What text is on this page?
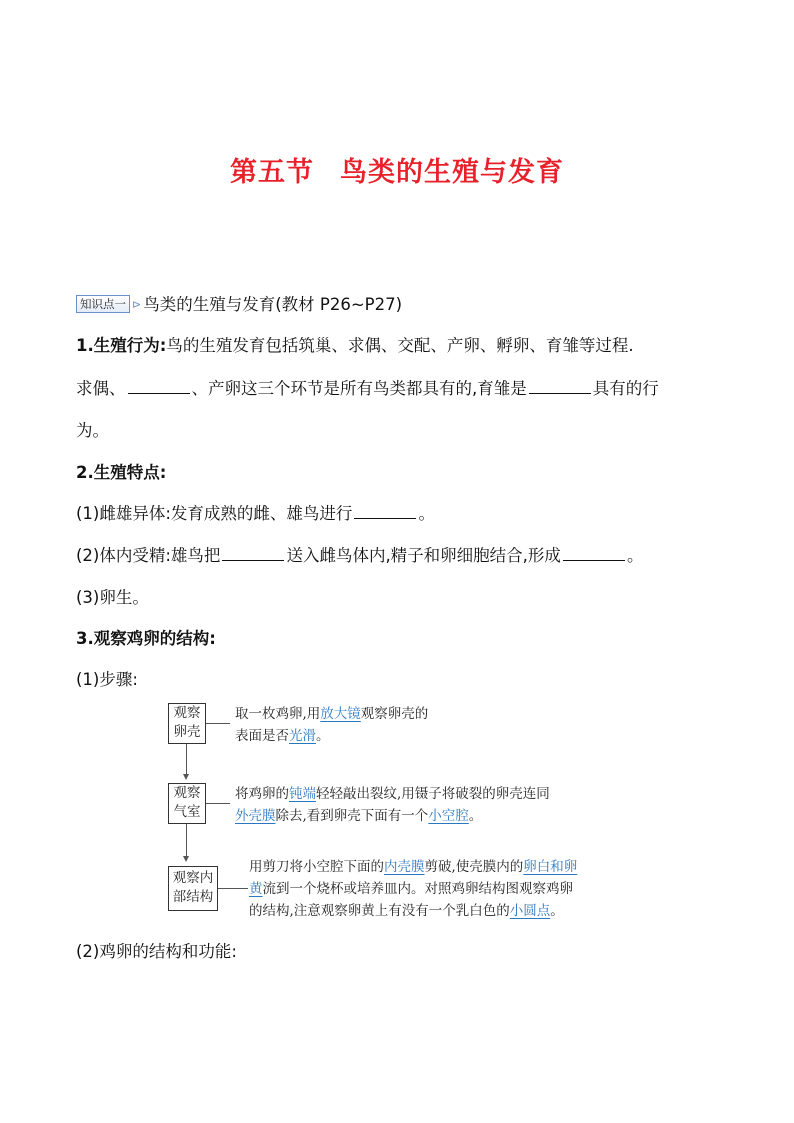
第五节 鸟类的生殖与发育
知识点一 ⊳ 鸟类的生殖与发育(教材 P26~P27)
1.生殖行为:鸟的生殖发育包括筑巢、求偶、交配、产卵、孵卵、育雏等过程.
求偶、	、产卵这三个环节是所有鸟类都具有的,育雏是	具有的行
为。
2.生殖特点:
(1)雌雄异体:发育成熟的雌、雄鸟进行	。
(2)体内受精:雄鸟把	送入雌鸟体内,精子和卵细胞结合,形成	。
(3)卵生。
3.观察鸡卵的结构:
(1)步骤:
观察
卵壳
取一枚鸡卵,用放大镜观察卵壳的
表面是否光滑。
观察
气室
将鸡卵的钝端轻轻敲出裂纹,用镊子将破裂的卵壳连同
外壳膜除去,看到卵壳下面有一个小空腔。
观察内
部结构
用剪刀将小空腔下面的内壳膜剪破,使壳膜内的卵白和卵
黄流到一个烧杯或培养皿内。对照鸡卵结构图观察鸡卵
的结构,注意观察卵黄上有没有一个乳白色的小圆点。
(2)鸡卵的结构和功能:
